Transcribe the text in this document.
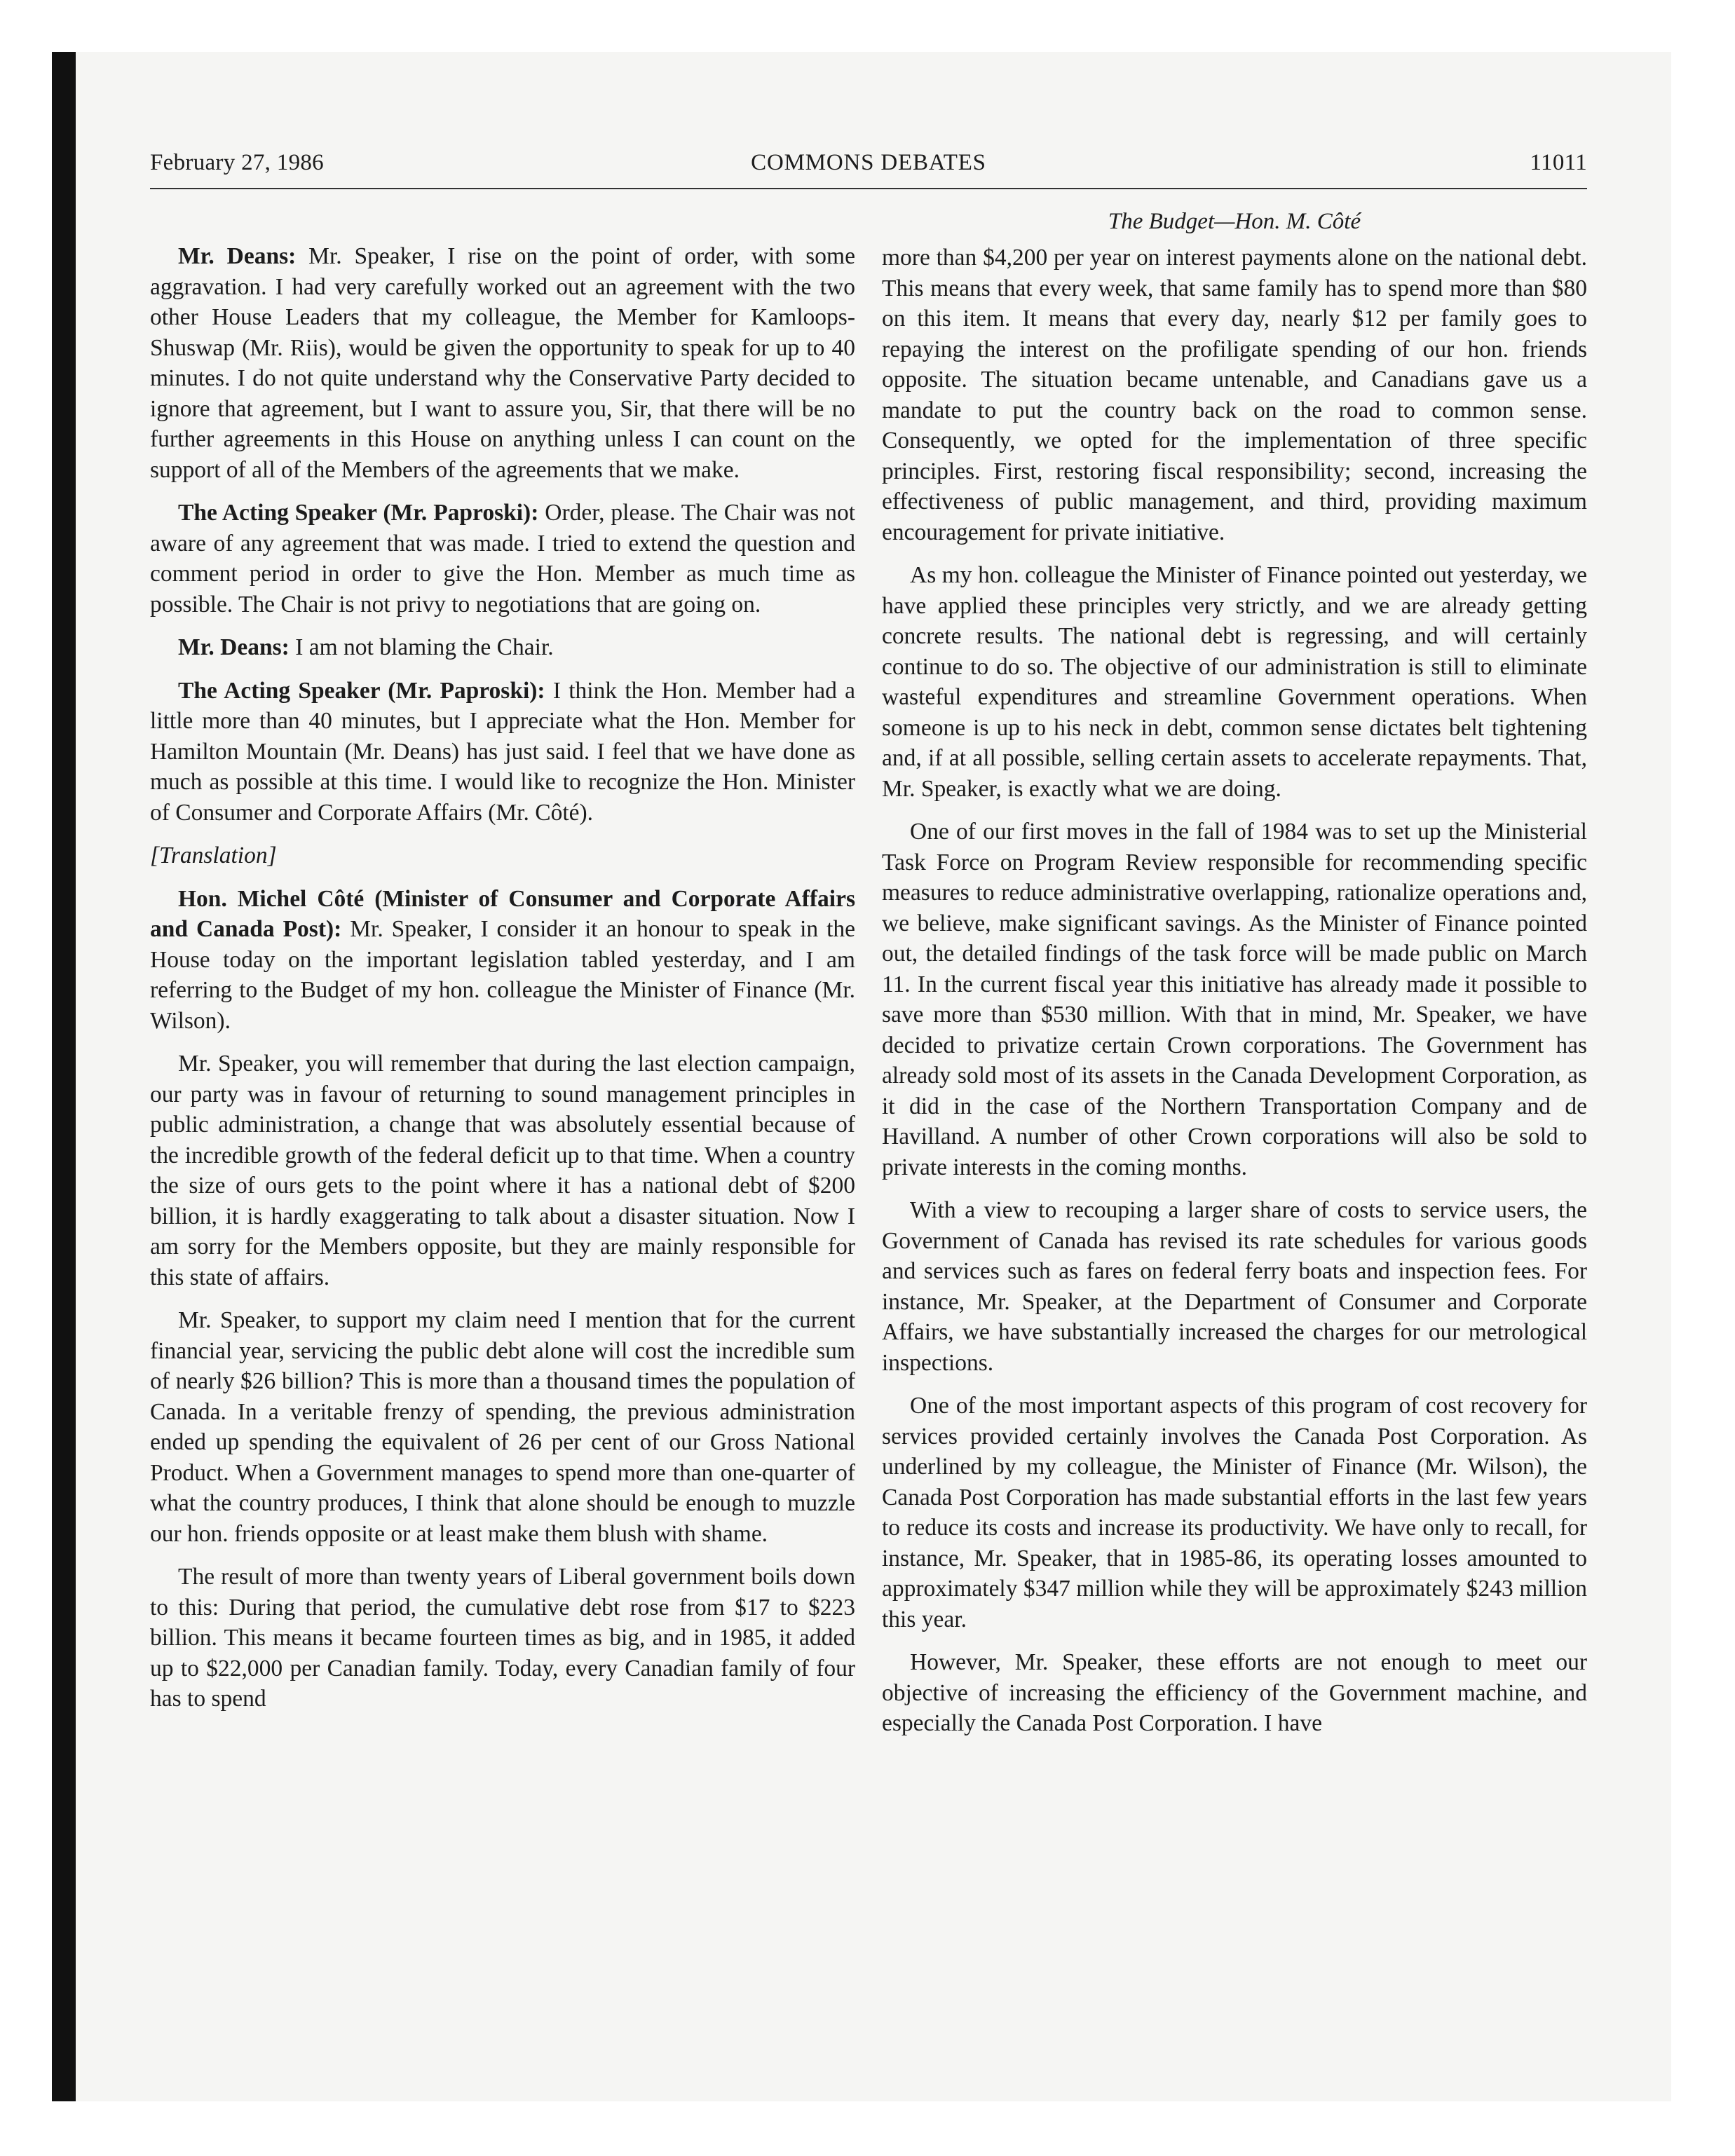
February 27, 1986	COMMONS DEBATES	11011

Mr. Deans: Mr. Speaker, I rise on the point of order, with some aggravation. I had very carefully worked out an agreement with the two other House Leaders that my colleague, the Member for Kamloops-Shuswap (Mr. Riis), would be given the opportunity to speak for up to 40 minutes. I do not quite understand why the Conservative Party decided to ignore that agreement, but I want to assure you, Sir, that there will be no further agreements in this House on anything unless I can count on the support of all of the Members of the agreements that we make.

The Acting Speaker (Mr. Paproski): Order, please. The Chair was not aware of any agreement that was made. I tried to extend the question and comment period in order to give the Hon. Member as much time as possible. The Chair is not privy to negotiations that are going on.

Mr. Deans: I am not blaming the Chair.

The Acting Speaker (Mr. Paproski): I think the Hon. Member had a little more than 40 minutes, but I appreciate what the Hon. Member for Hamilton Mountain (Mr. Deans) has just said. I feel that we have done as much as possible at this time. I would like to recognize the Hon. Minister of Consumer and Corporate Affairs (Mr. Côté).

[Translation]

Hon. Michel Côté (Minister of Consumer and Corporate Affairs and Canada Post): Mr. Speaker, I consider it an honour to speak in the House today on the important legislation tabled yesterday, and I am referring to the Budget of my hon. colleague the Minister of Finance (Mr. Wilson).

Mr. Speaker, you will remember that during the last election campaign, our party was in favour of returning to sound management principles in public administration, a change that was absolutely essential because of the incredible growth of the federal deficit up to that time. When a country the size of ours gets to the point where it has a national debt of $200 billion, it is hardly exaggerating to talk about a disaster situation. Now I am sorry for the Members opposite, but they are mainly responsible for this state of affairs.

Mr. Speaker, to support my claim need I mention that for the current financial year, servicing the public debt alone will cost the incredible sum of nearly $26 billion? This is more than a thousand times the population of Canada. In a veritable frenzy of spending, the previous administration ended up spending the equivalent of 26 per cent of our Gross National Product. When a Government manages to spend more than one-quarter of what the country produces, I think that alone should be enough to muzzle our hon. friends opposite or at least make them blush with shame.

The result of more than twenty years of Liberal government boils down to this: During that period, the cumulative debt rose from $17 to $223 billion. This means it became fourteen times as big, and in 1985, it added up to $22,000 per Canadian family. Today, every Canadian family of four has to spend

The Budget—Hon. M. Côté

more than $4,200 per year on interest payments alone on the national debt. This means that every week, that same family has to spend more than $80 on this item. It means that every day, nearly $12 per family goes to repaying the interest on the profiligate spending of our hon. friends opposite. The situation became untenable, and Canadians gave us a mandate to put the country back on the road to common sense. Consequently, we opted for the implementation of three specific principles. First, restoring fiscal responsibility; second, increasing the effectiveness of public management, and third, providing maximum encouragement for private initiative.

As my hon. colleague the Minister of Finance pointed out yesterday, we have applied these principles very strictly, and we are already getting concrete results. The national debt is regressing, and will certainly continue to do so. The objective of our administration is still to eliminate wasteful expenditures and streamline Government operations. When someone is up to his neck in debt, common sense dictates belt tightening and, if at all possible, selling certain assets to accelerate repayments. That, Mr. Speaker, is exactly what we are doing.

One of our first moves in the fall of 1984 was to set up the Ministerial Task Force on Program Review responsible for recommending specific measures to reduce administrative overlapping, rationalize operations and, we believe, make significant savings. As the Minister of Finance pointed out, the detailed findings of the task force will be made public on March 11. In the current fiscal year this initiative has already made it possible to save more than $530 million. With that in mind, Mr. Speaker, we have decided to privatize certain Crown corporations. The Government has already sold most of its assets in the Canada Development Corporation, as it did in the case of the Northern Transportation Company and de Havilland. A number of other Crown corporations will also be sold to private interests in the coming months.

With a view to recouping a larger share of costs to service users, the Government of Canada has revised its rate schedules for various goods and services such as fares on federal ferry boats and inspection fees. For instance, Mr. Speaker, at the Department of Consumer and Corporate Affairs, we have substantially increased the charges for our metrological inspections.

One of the most important aspects of this program of cost recovery for services provided certainly involves the Canada Post Corporation. As underlined by my colleague, the Minister of Finance (Mr. Wilson), the Canada Post Corporation has made substantial efforts in the last few years to reduce its costs and increase its productivity. We have only to recall, for instance, Mr. Speaker, that in 1985-86, its operating losses amounted to approximately $347 million while they will be approximately $243 million this year.

However, Mr. Speaker, these efforts are not enough to meet our objective of increasing the efficiency of the Government machine, and especially the Canada Post Corporation. I have
